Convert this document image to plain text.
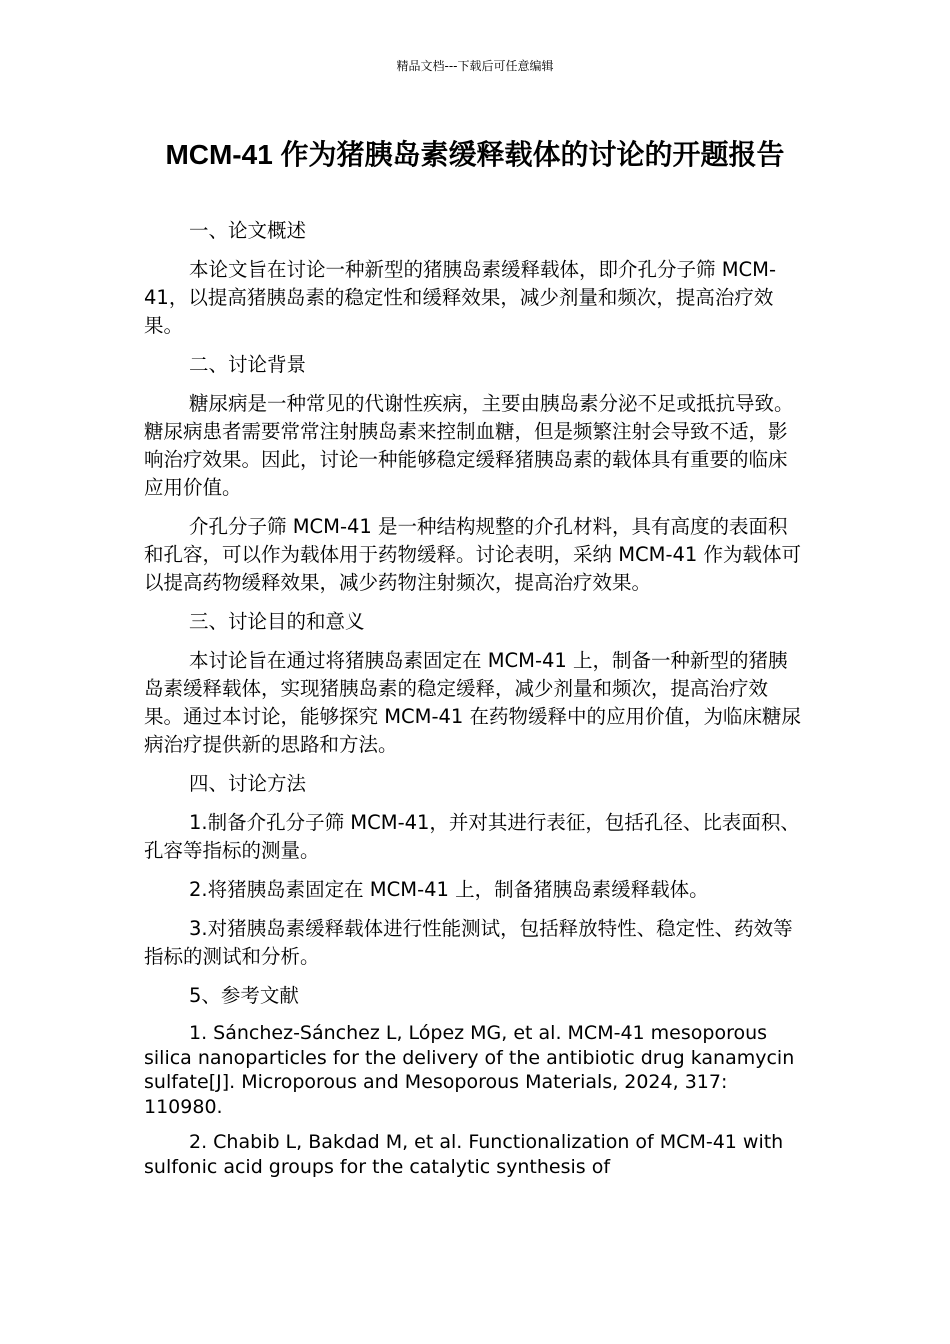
精品文档---下载后可任意编辑
MCM-41 作为猪胰岛素缓释载体的讨论的开题报告

一、论文概述

本论文旨在讨论一种新型的猪胰岛素缓释载体，即介孔分子筛 MCM-41，以提高猪胰岛素的稳定性和缓释效果，减少剂量和频次，提高治疗效果。

二、讨论背景

糖尿病是一种常见的代谢性疾病，主要由胰岛素分泌不足或抵抗导致。糖尿病患者需要常常注射胰岛素来控制血糖，但是频繁注射会导致不适，影响治疗效果。因此，讨论一种能够稳定缓释猪胰岛素的载体具有重要的临床应用价值。

介孔分子筛 MCM-41 是一种结构规整的介孔材料，具有高度的表面积和孔容，可以作为载体用于药物缓释。讨论表明，采纳 MCM-41 作为载体可以提高药物缓释效果，减少药物注射频次，提高治疗效果。

三、讨论目的和意义

本讨论旨在通过将猪胰岛素固定在 MCM-41 上，制备一种新型的猪胰岛素缓释载体，实现猪胰岛素的稳定缓释，减少剂量和频次，提高治疗效果。通过本讨论，能够探究 MCM-41 在药物缓释中的应用价值，为临床糖尿病治疗提供新的思路和方法。

四、讨论方法

1.制备介孔分子筛 MCM-41，并对其进行表征，包括孔径、比表面积、孔容等指标的测量。

2.将猪胰岛素固定在 MCM-41 上，制备猪胰岛素缓释载体。

3.对猪胰岛素缓释载体进行性能测试，包括释放特性、稳定性、药效等指标的测试和分析。

5、参考文献

1. Sánchez-Sánchez L, López MG, et al. MCM-41 mesoporous silica nanoparticles for the delivery of the antibiotic drug kanamycin sulfate[J]. Microporous and Mesoporous Materials, 2024, 317: 110980.

2. Chabib L, Bakdad M, et al. Functionalization of MCM-41 with sulfonic acid groups for the catalytic synthesis of
